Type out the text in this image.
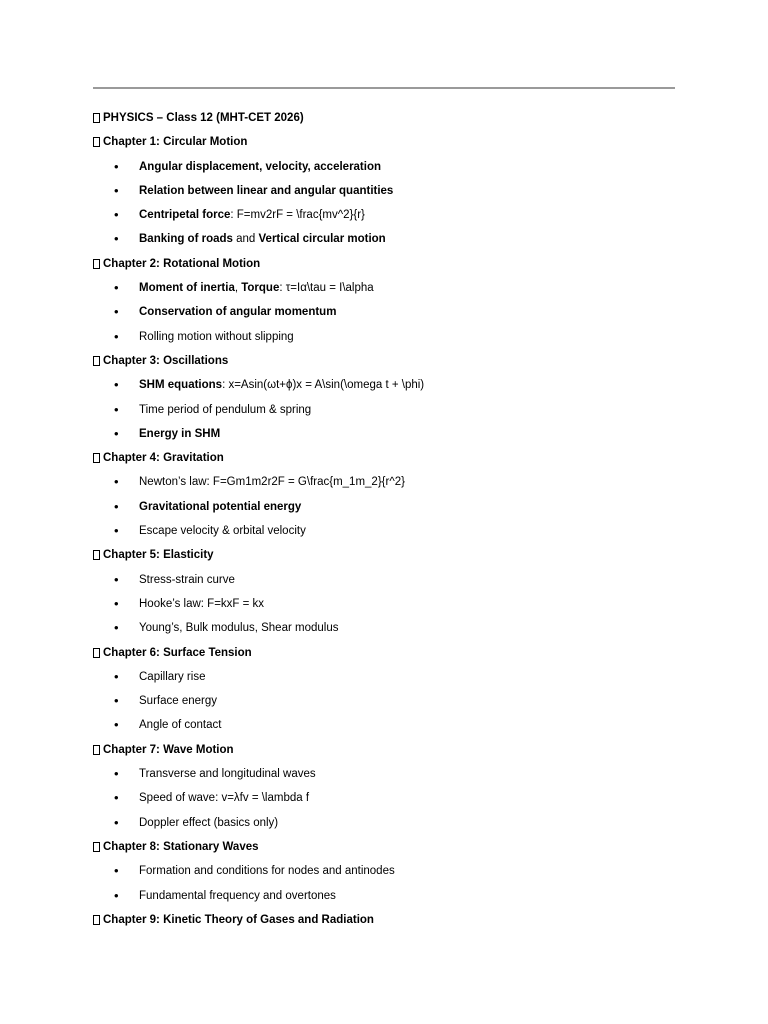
PHYSICS – Class 12 (MHT-CET 2026)
Chapter 1: Circular Motion
• Angular displacement, velocity, acceleration
• Relation between linear and angular quantities
• Centripetal force: F=mv2rF = \frac{mv^2}{r}
• Banking of roads and Vertical circular motion
Chapter 2: Rotational Motion
• Moment of inertia, Torque: τ=Iα\tau = I\alpha
• Conservation of angular momentum
• Rolling motion without slipping
Chapter 3: Oscillations
• SHM equations: x=Asin(ωt+ϕ)x = A\sin(\omega t + \phi)
• Time period of pendulum & spring
• Energy in SHM
Chapter 4: Gravitation
• Newton’s law: F=Gm1m2r2F = G\frac{m_1m_2}{r^2}
• Gravitational potential energy
• Escape velocity & orbital velocity
Chapter 5: Elasticity
• Stress-strain curve
• Hooke’s law: F=kxF = kx
• Young’s, Bulk modulus, Shear modulus
Chapter 6: Surface Tension
• Capillary rise
• Surface energy
• Angle of contact
Chapter 7: Wave Motion
• Transverse and longitudinal waves
• Speed of wave: v=λfv = \lambda f
• Doppler effect (basics only)
Chapter 8: Stationary Waves
• Formation and conditions for nodes and antinodes
• Fundamental frequency and overtones
Chapter 9: Kinetic Theory of Gases and Radiation
